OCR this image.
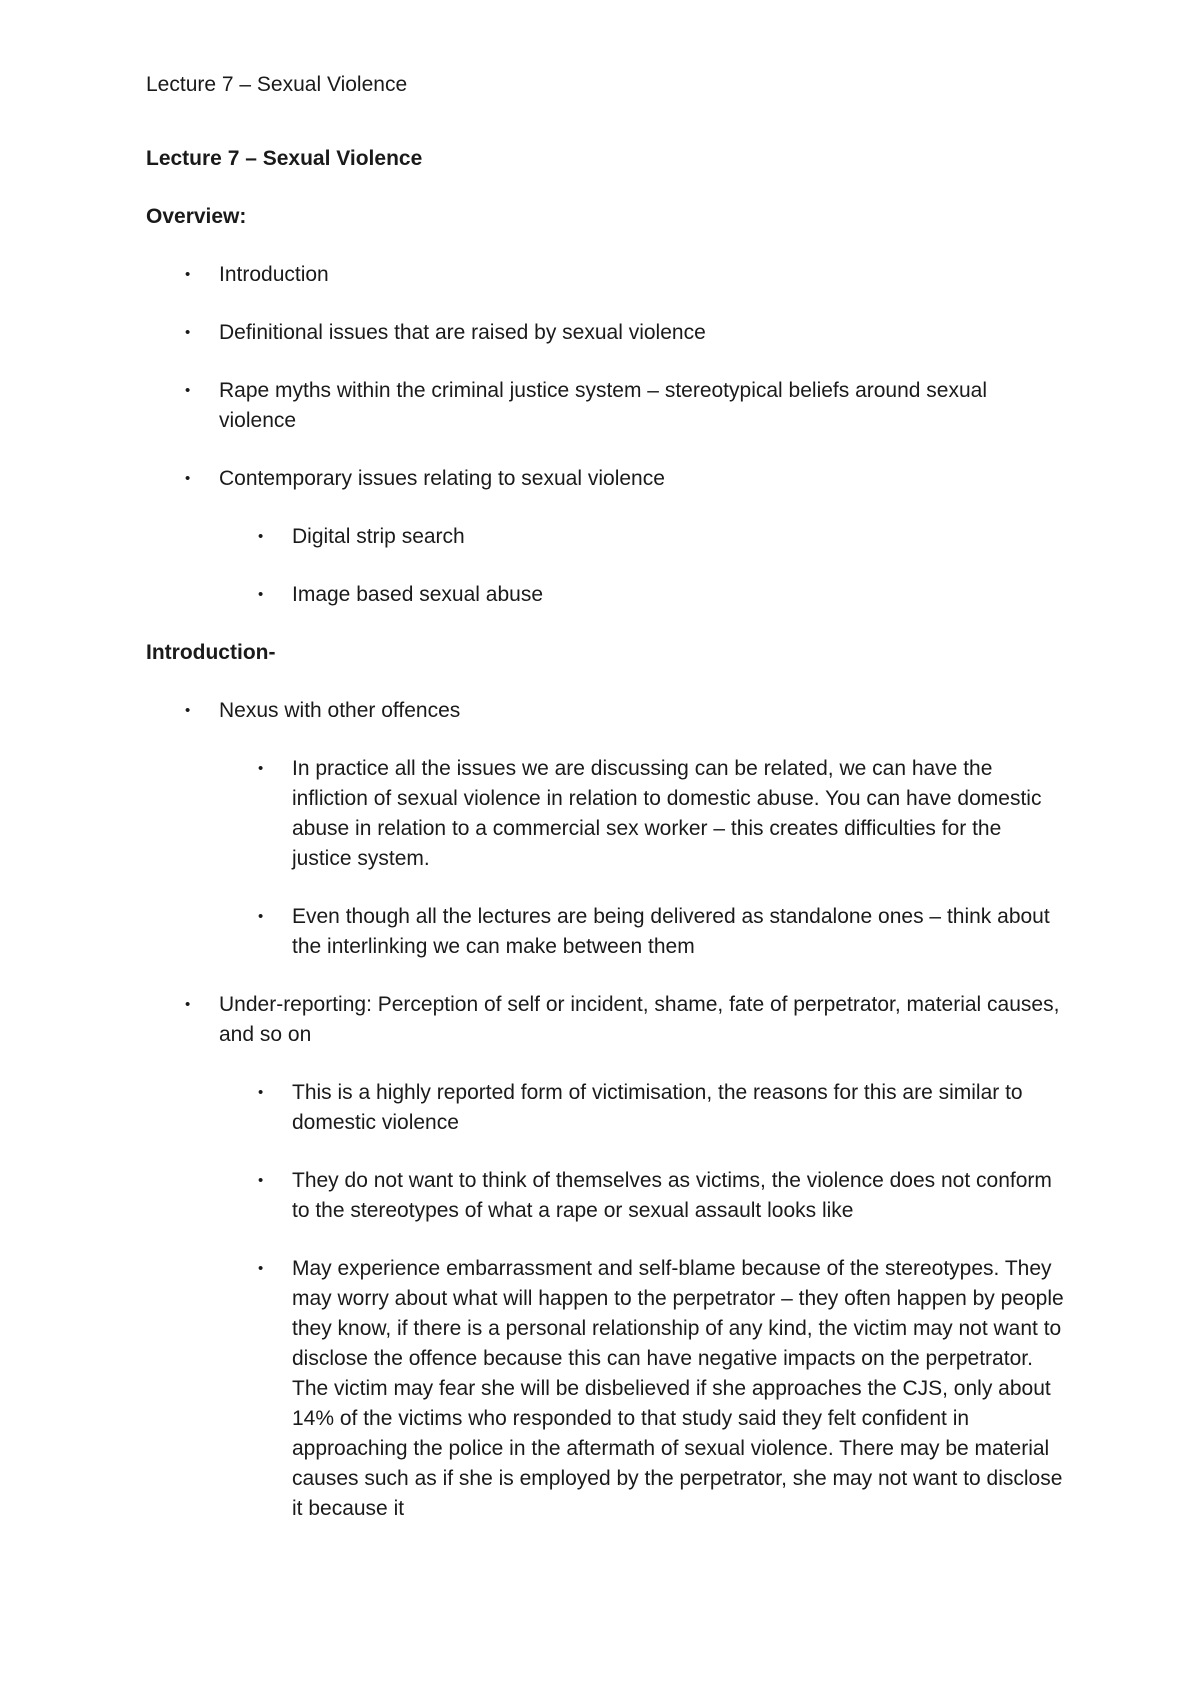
Lecture 7 – Sexual Violence
Lecture 7 – Sexual Violence
Overview:
• Introduction
• Definitional issues that are raised by sexual violence
• Rape myths within the criminal justice system – stereotypical beliefs around sexual violence
• Contemporary issues relating to sexual violence
• Digital strip search
• Image based sexual abuse
Introduction-
• Nexus with other offences
• In practice all the issues we are discussing can be related, we can have the infliction of sexual violence in relation to domestic abuse. You can have domestic abuse in relation to a commercial sex worker – this creates difficulties for the justice system.
• Even though all the lectures are being delivered as standalone ones – think about the interlinking we can make between them
• Under-reporting: Perception of self or incident, shame, fate of perpetrator, material causes, and so on
• This is a highly reported form of victimisation, the reasons for this are similar to domestic violence
• They do not want to think of themselves as victims, the violence does not conform to the stereotypes of what a rape or sexual assault looks like
• May experience embarrassment and self-blame because of the stereotypes. They may worry about what will happen to the perpetrator – they often happen by people they know, if there is a personal relationship of any kind, the victim may not want to disclose the offence because this can have negative impacts on the perpetrator. The victim may fear she will be disbelieved if she approaches the CJS, only about 14% of the victims who responded to that study said they felt confident in approaching the police in the aftermath of sexual violence. There may be material causes such as if she is employed by the perpetrator, she may not want to disclose it because it
